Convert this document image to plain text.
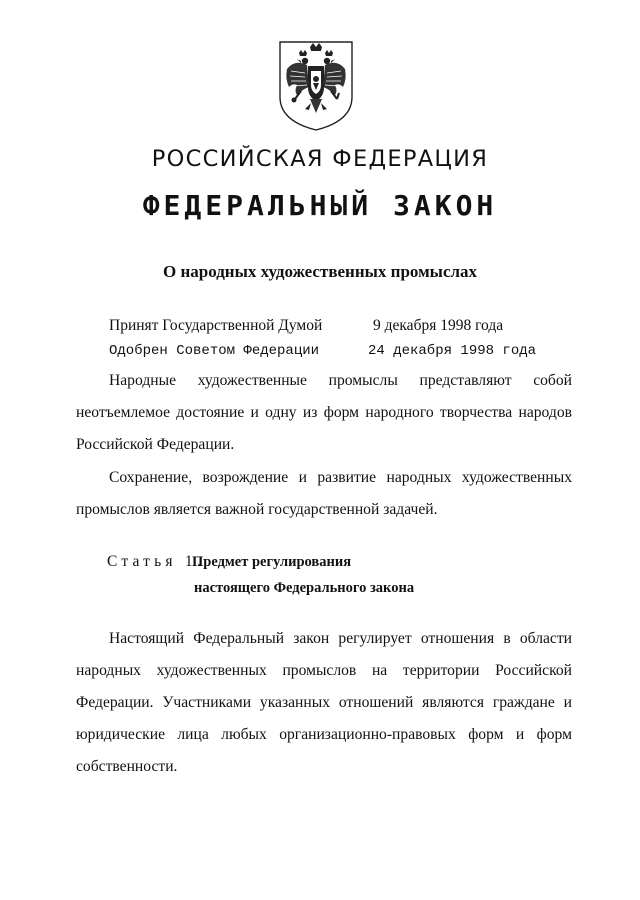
РОССИЙСКАЯ ФЕДЕРАЦИЯ
ФЕДЕРАЛЬНЫЙ ЗАКОН
О народных художественных промыслах
Принят Государственной Думой	9 декабря 1998 года
Одобрен Советом Федерации	24 декабря 1998 года

Народные художественные промыслы представляют собой неотъемлемое достояние и одну из форм народного творчества народов Российской Федерации.

Сохранение, возрождение и развитие народных художественных промыслов является важной государственной задачей.

Статья 1.
Предмет регулирования
настоящего Федерального закона

Настоящий Федеральный закон регулирует отношения в области народных художественных промыслов на территории Российской Федерации. Участниками указанных отношений являются граждане и юридические лица любых организационно-правовых форм и форм собственности.
